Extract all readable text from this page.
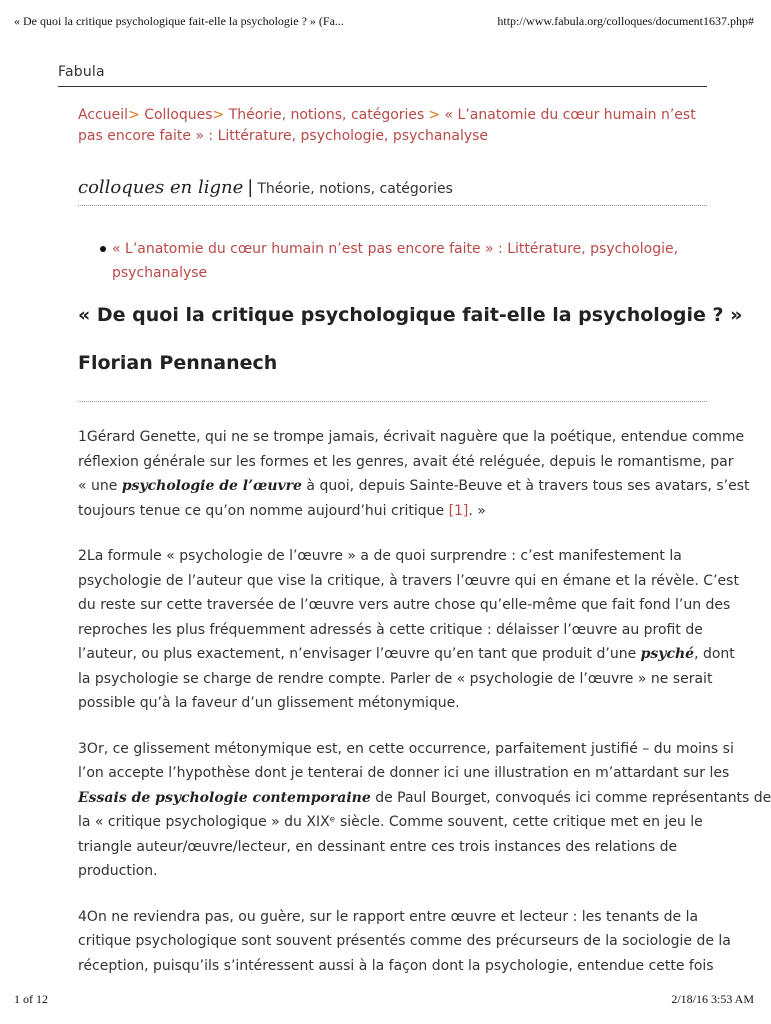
« De quoi la critique psychologique fait-elle la psychologie ? » (Fa...	http://www.fabula.org/colloques/document1637.php#
Fabula
Accueil> Colloques> Théorie, notions, catégories > « L’anatomie du cœur humain n’est
pas encore faite » : Littérature, psychologie, psychanalyse
colloques en ligne | Théorie, notions, catégories
« L’anatomie du cœur humain n’est pas encore faite » : Littérature, psychologie,
psychanalyse
« De quoi la critique psychologique fait-elle la psychologie ? »
Florian Pennanech
1Gérard Genette, qui ne se trompe jamais, écrivait naguère que la poétique, entendue comme
réflexion générale sur les formes et les genres, avait été reléguée, depuis le romantisme, par
« une psychologie de l’œuvre à quoi, depuis Sainte-Beuve et à travers tous ses avatars, s’est
toujours tenue ce qu’on nomme aujourd’hui critique [1]. »
2La formule « psychologie de l’œuvre » a de quoi surprendre : c’est manifestement la
psychologie de l’auteur que vise la critique, à travers l’œuvre qui en émane et la révèle. C’est
du reste sur cette traversée de l’œuvre vers autre chose qu’elle-même que fait fond l’un des
reproches les plus fréquemment adressés à cette critique : délaisser l’œuvre au profit de
l’auteur, ou plus exactement, n’envisager l’œuvre qu’en tant que produit d’une psyché, dont
la psychologie se charge de rendre compte. Parler de « psychologie de l’œuvre » ne serait
possible qu’à la faveur d’un glissement métonymique.
3Or, ce glissement métonymique est, en cette occurrence, parfaitement justifié – du moins si
l’on accepte l’hypothèse dont je tenterai de donner ici une illustration en m’attardant sur les
Essais de psychologie contemporaine de Paul Bourget, convoqués ici comme représentants de
la « critique psychologique » du XIXᵉ siècle. Comme souvent, cette critique met en jeu le
triangle auteur/œuvre/lecteur, en dessinant entre ces trois instances des relations de
production.
4On ne reviendra pas, ou guère, sur le rapport entre œuvre et lecteur : les tenants de la
critique psychologique sont souvent présentés comme des précurseurs de la sociologie de la
réception, puisqu’ils s’intéressent aussi à la façon dont la psychologie, entendue cette fois
1 of 12	2/18/16 3:53 AM
